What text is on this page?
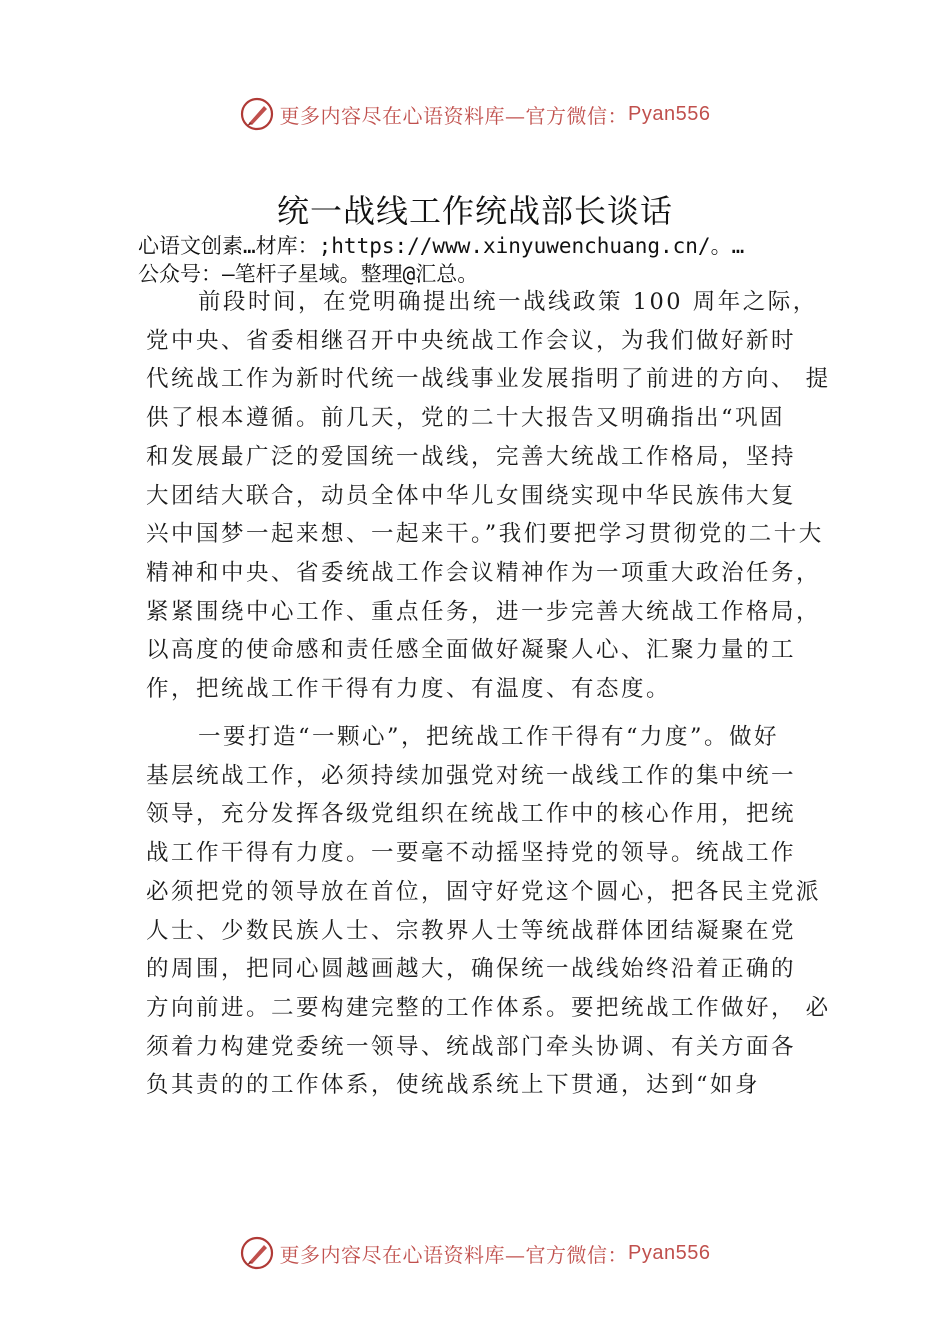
更多内容尽在心语资料库—官方微信： Pyan556
统一战线工作统战部长谈话
心语文创素…材库：;https://www.xinyuwenchuang.cn/。…
公众号：—笔杆子星域。整理@汇总。
前段时间，在党明确提出统一战线政策 100 周年之际，
党中央、省委相继召开中央统战工作会议，为我们做好新时
代统战工作为新时代统一战线事业发展指明了前进的方向、 提
供了根本遵循。前几天，党的二十大报告又明确指出“巩固
和发展最广泛的爱国统一战线，完善大统战工作格局，坚持
大团结大联合，动员全体中华儿女围绕实现中华民族伟大复
兴中国梦一起来想、一起来干。”我们要把学习贯彻党的二十大
精神和中央、省委统战工作会议精神作为一项重大政治任务，
紧紧围绕中心工作、重点任务，进一步完善大统战工作格局，
以高度的使命感和责任感全面做好凝聚人心、汇聚力量的工
作，把统战工作干得有力度、有温度、有态度。
一要打造“一颗心”，把统战工作干得有“力度”。做好
基层统战工作，必须持续加强党对统一战线工作的集中统一
领导，充分发挥各级党组织在统战工作中的核心作用，把统
战工作干得有力度。一要毫不动摇坚持党的领导。统战工作
必须把党的领导放在首位，固守好党这个圆心，把各民主党派
人士、少数民族人士、宗教界人士等统战群体团结凝聚在党
的周围，把同心圆越画越大，确保统一战线始终沿着正确的
方向前进。二要构建完整的工作体系。要把统战工作做好， 必
须着力构建党委统一领导、统战部门牵头协调、有关方面各
负其责的的工作体系，使统战系统上下贯通，达到“如身
更多内容尽在心语资料库—官方微信： Pyan556
